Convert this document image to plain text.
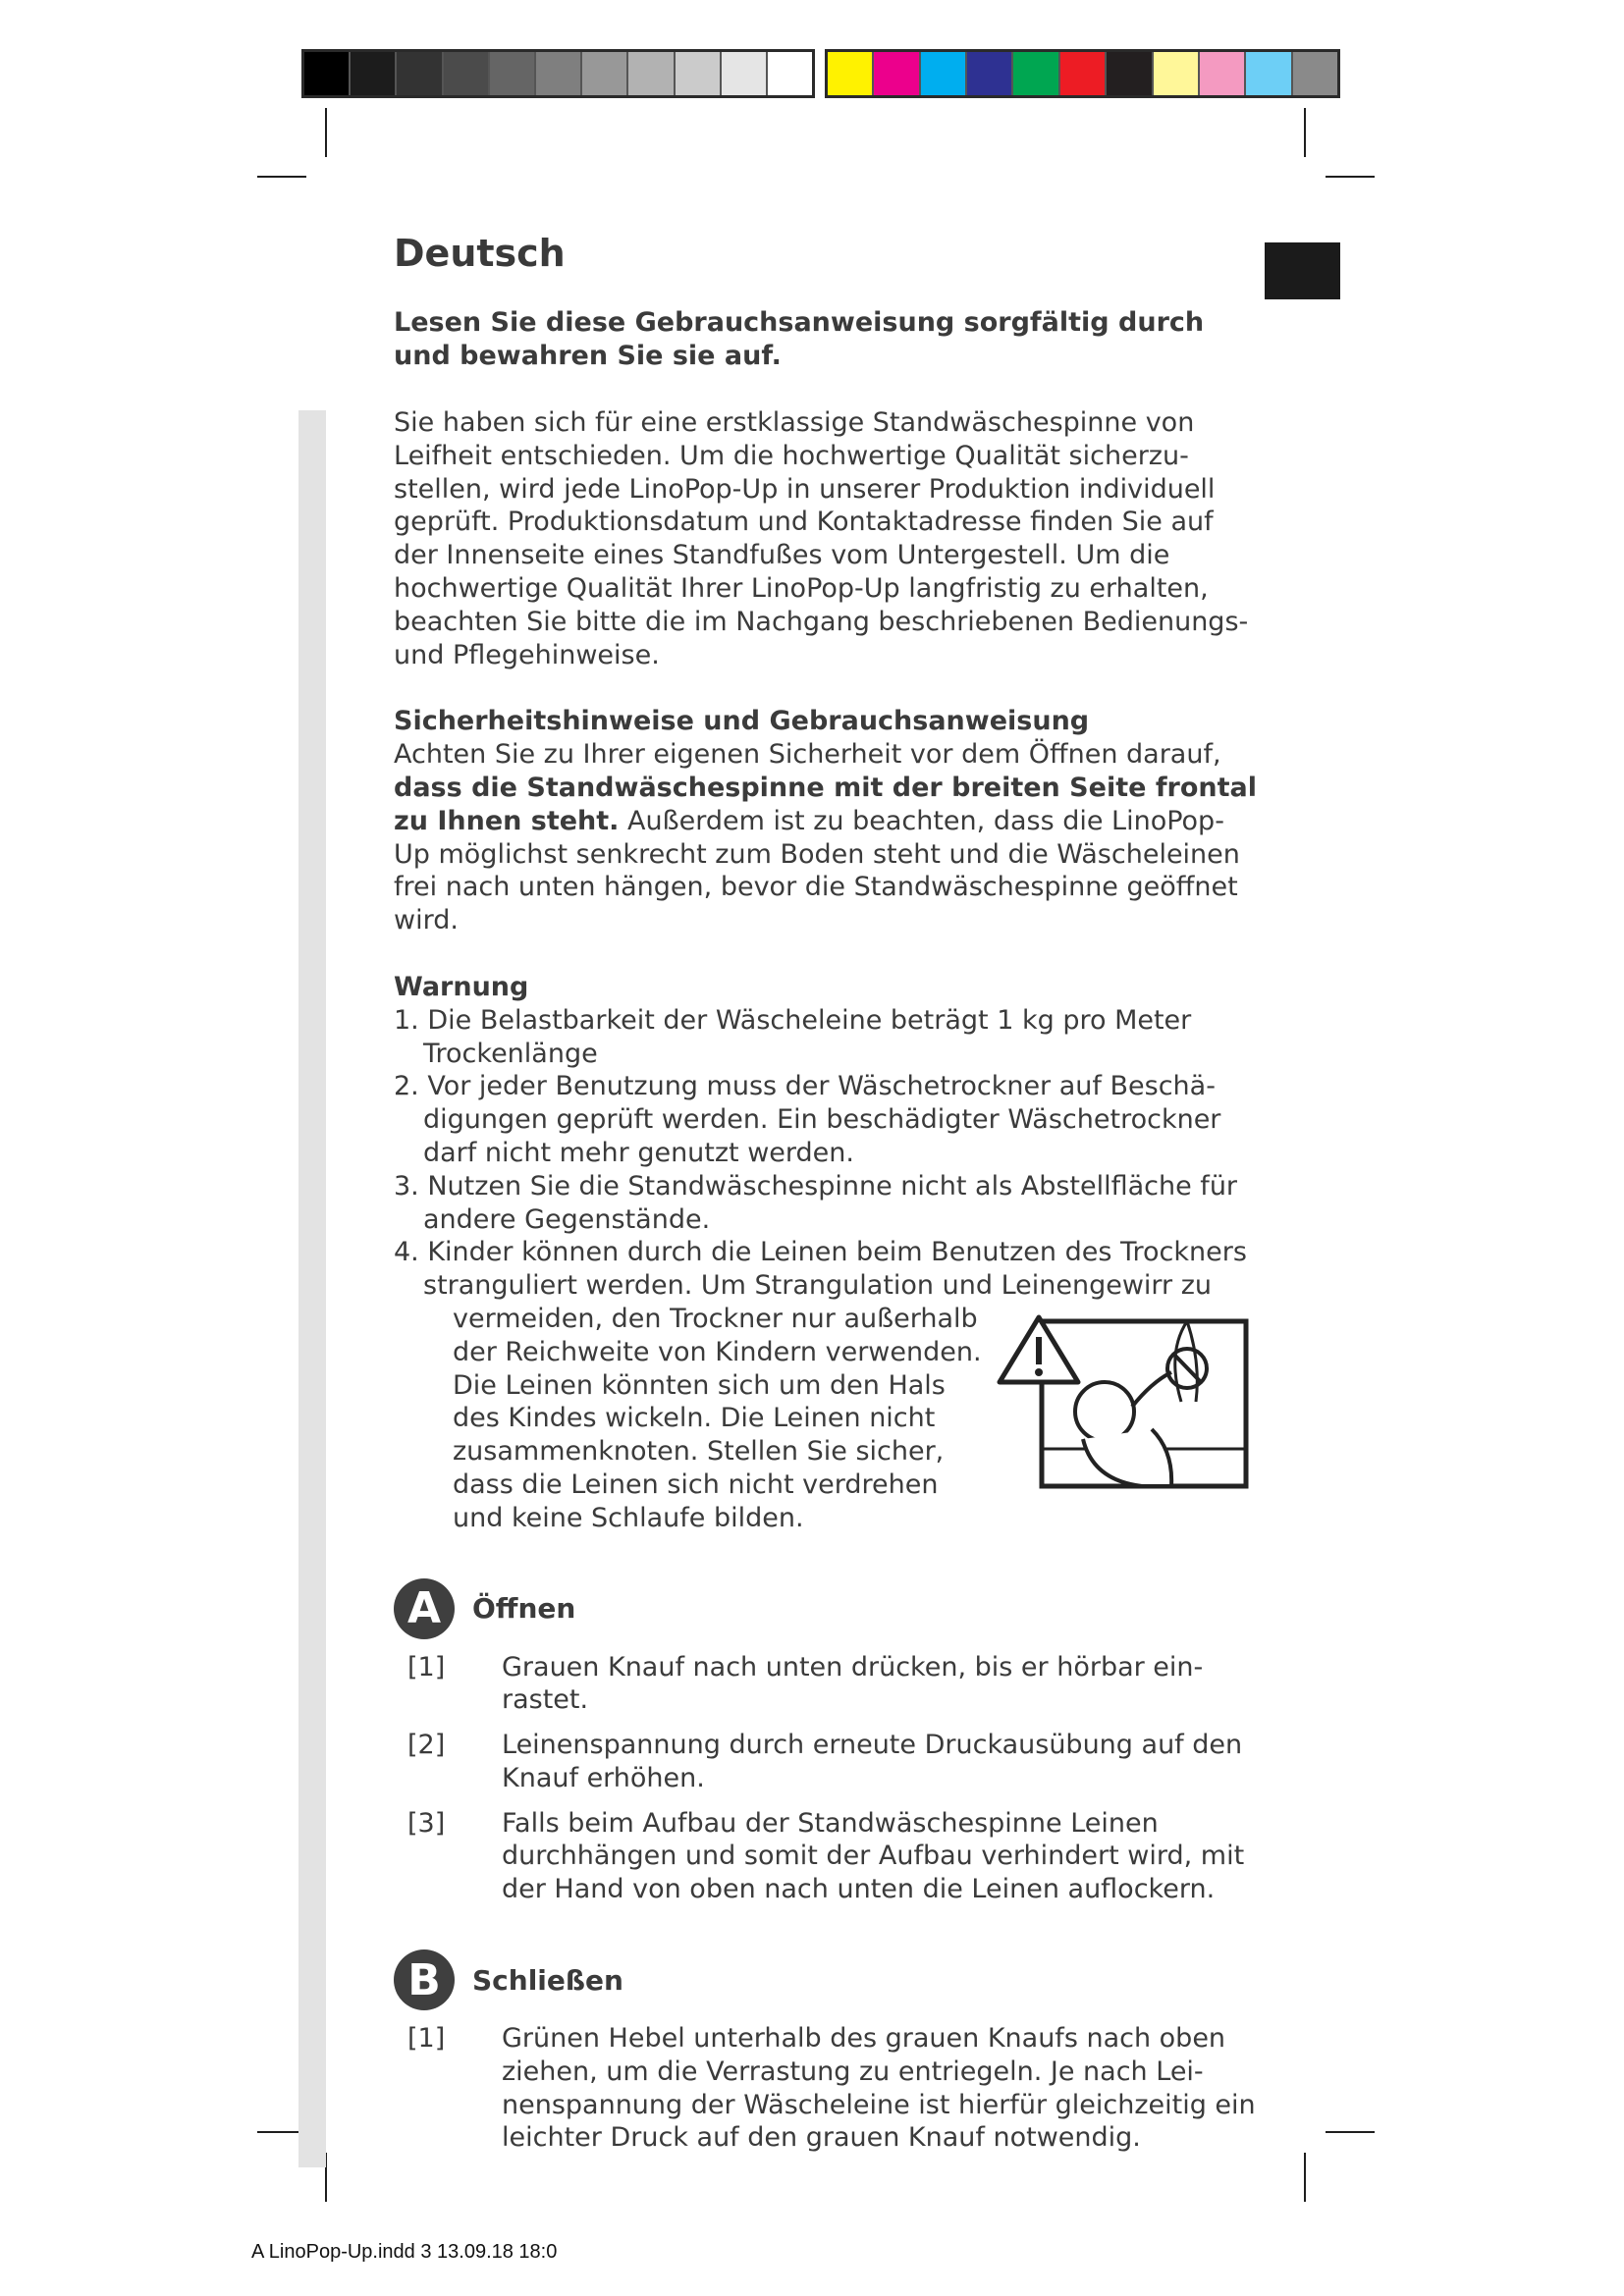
Deutsch
Lesen Sie diese Gebrauchsanweisung sorgfältig durch und bewahren Sie sie auf.

Sie haben sich für eine erstklassige Standwäschespinne von Leifheit entschieden. Um die hochwertige Qualität sicherzu-stellen, wird jede LinoPop-Up in unserer Produktion individuell geprüft. Produktionsdatum und Kontaktadresse finden Sie auf der Innenseite eines Standfußes vom Untergestell. Um die hochwertige Qualität Ihrer LinoPop-Up langfristig zu erhalten, beachten Sie bitte die im Nachgang beschriebenen Bedienungs- und Pflegehinweise.

Sicherheitshinweise und Gebrauchsanweisung

Achten Sie zu Ihrer eigenen Sicherheit vor dem Öffnen darauf, dass die Standwäschespinne mit der breiten Seite frontal zu Ihnen steht. Außerdem ist zu beachten, dass die LinoPop-Up möglichst senkrecht zum Boden steht und die Wäscheleinen frei nach unten hängen, bevor die Standwäschespinne geöffnet wird.

Warnung
1. Die Belastbarkeit der Wäscheleine beträgt 1 kg pro Meter Trockenlänge
2. Vor jeder Benutzung muss der Wäschetrockner auf Beschä-digungen geprüft werden. Ein beschädigter Wäschetrockner darf nicht mehr genutzt werden.
3. Nutzen Sie die Standwäschespinne nicht als Abstellfläche für andere Gegenstände.
4. Kinder können durch die Leinen beim Benutzen des Trockners stranguliert werden. Um Strangulation und Leinengewirr zu
vermeiden, den Trockner nur außerhalb der Reichweite von Kindern verwenden. Die Leinen könnten sich um den Hals des Kindes wickeln. Die Leinen nicht zusammenknoten. Stellen Sie sicher, dass die Leinen sich nicht verdrehen und keine Schlaufe bilden.
A	Öffnen
[1] Grauen Knauf nach unten drücken, bis er hörbar ein-rastet.
[2] Leinenspannung durch erneute Druckausübung auf den Knauf erhöhen.
[3] Falls beim Aufbau der Standwäschespinne Leinen durchhängen und somit der Aufbau verhindert wird, mit der Hand von oben nach unten die Leinen auflockern.
B	Schließen
[1] Grünen Hebel unterhalb des grauen Knaufs nach oben ziehen, um die Verrastung zu entriegeln. Je nach Lei-nenspannung der Wäscheleine ist hierfür gleichzeitig ein leichter Druck auf den grauen Knauf notwendig.
A LinoPop-Up.indd 3 13.09.18 18:0
